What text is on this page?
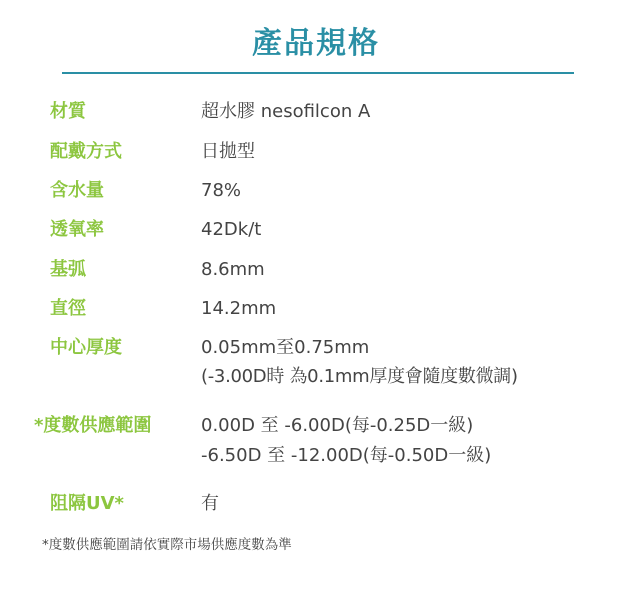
產品規格
材質	超水膠 nesofilcon A
配戴方式	日拋型
含水量	78%
透氧率	42Dk/t
基弧	8.6mm
直徑	14.2mm
中心厚度	0.05mm至0.75mm
(-3.00D時 為0.1mm厚度會隨度數微調)
*度數供應範圍	0.00D 至 -6.00D(每-0.25D一級)
-6.50D 至 -12.00D(每-0.50D一級)
阻隔UV*	有
*度數供應範圍請依實際市場供應度數為準
